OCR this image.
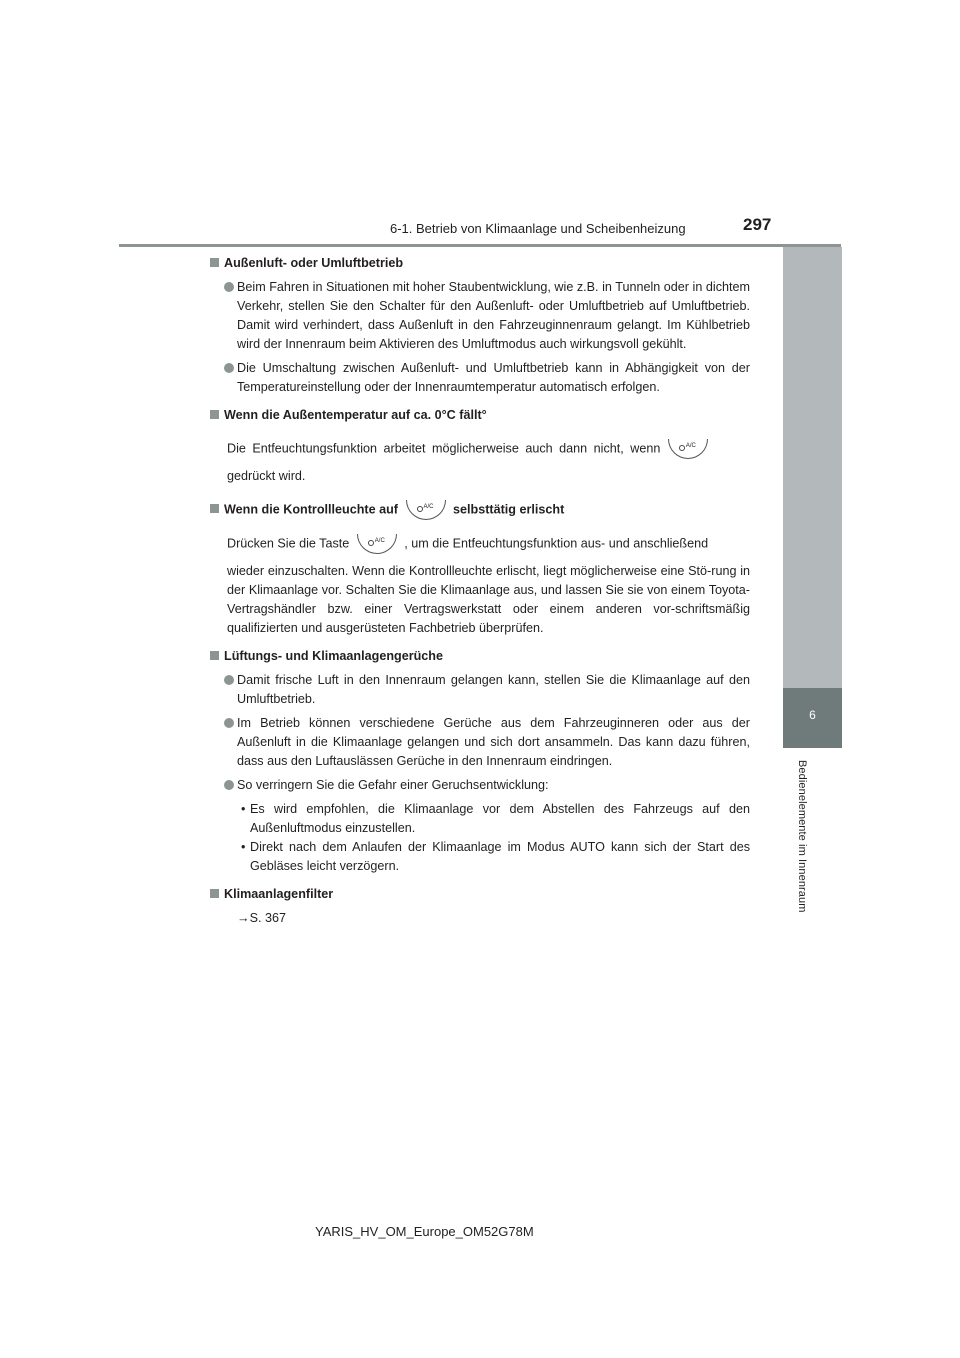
6-1. Betrieb von Klimaanlage und Scheibenheizung	297
6
Bedienelemente im Innenraum
Außenluft- oder Umluftbetrieb
Beim Fahren in Situationen mit hoher Staubentwicklung, wie z.B. in Tunneln oder in dichtem Verkehr, stellen Sie den Schalter für den Außenluft- oder Umluftbetrieb auf Umluftbetrieb. Damit wird verhindert, dass Außenluft in den Fahrzeuginnenraum gelangt. Im Kühlbetrieb wird der Innenraum beim Aktivieren des Umluftmodus auch wirkungsvoll gekühlt.
Die Umschaltung zwischen Außenluft- und Umluftbetrieb kann in Abhängigkeit von der Temperatureinstellung oder der Innenraumtemperatur automatisch erfolgen.
Wenn die Außentemperatur auf ca. 0°C fällt°
Die Entfeuchtungsfunktion arbeitet möglicherweise auch dann nicht, wenn	A/C
gedrückt wird.
Wenn die Kontrollleuchte auf	A/C selbsttätig erlischt
Drücken Sie die Taste	A/C , um die Entfeuchtungsfunktion aus- und anschließend
wieder einzuschalten. Wenn die Kontrollleuchte erlischt, liegt möglicherweise eine Stö-rung in der Klimaanlage vor. Schalten Sie die Klimaanlage aus, und lassen Sie sie von einem Toyota-Vertragshändler bzw. einer Vertragswerkstatt oder einem anderen vor-schriftsmäßig qualifizierten und ausgerüsteten Fachbetrieb überprüfen.
Lüftungs- und Klimaanlagengerüche
Damit frische Luft in den Innenraum gelangen kann, stellen Sie die Klimaanlage auf den Umluftbetrieb.
Im Betrieb können verschiedene Gerüche aus dem Fahrzeuginneren oder aus der Außenluft in die Klimaanlage gelangen und sich dort ansammeln. Das kann dazu führen, dass aus den Luftauslässen Gerüche in den Innenraum eindringen.
So verringern Sie die Gefahr einer Geruchsentwicklung:
• Es wird empfohlen, die Klimaanlage vor dem Abstellen des Fahrzeugs auf den Außenluftmodus einzustellen.
• Direkt nach dem Anlaufen der Klimaanlage im Modus AUTO kann sich der Start des Gebläses leicht verzögern.
Klimaanlagenfilter
→S. 367
YARIS_HV_OM_Europe_OM52G78M
